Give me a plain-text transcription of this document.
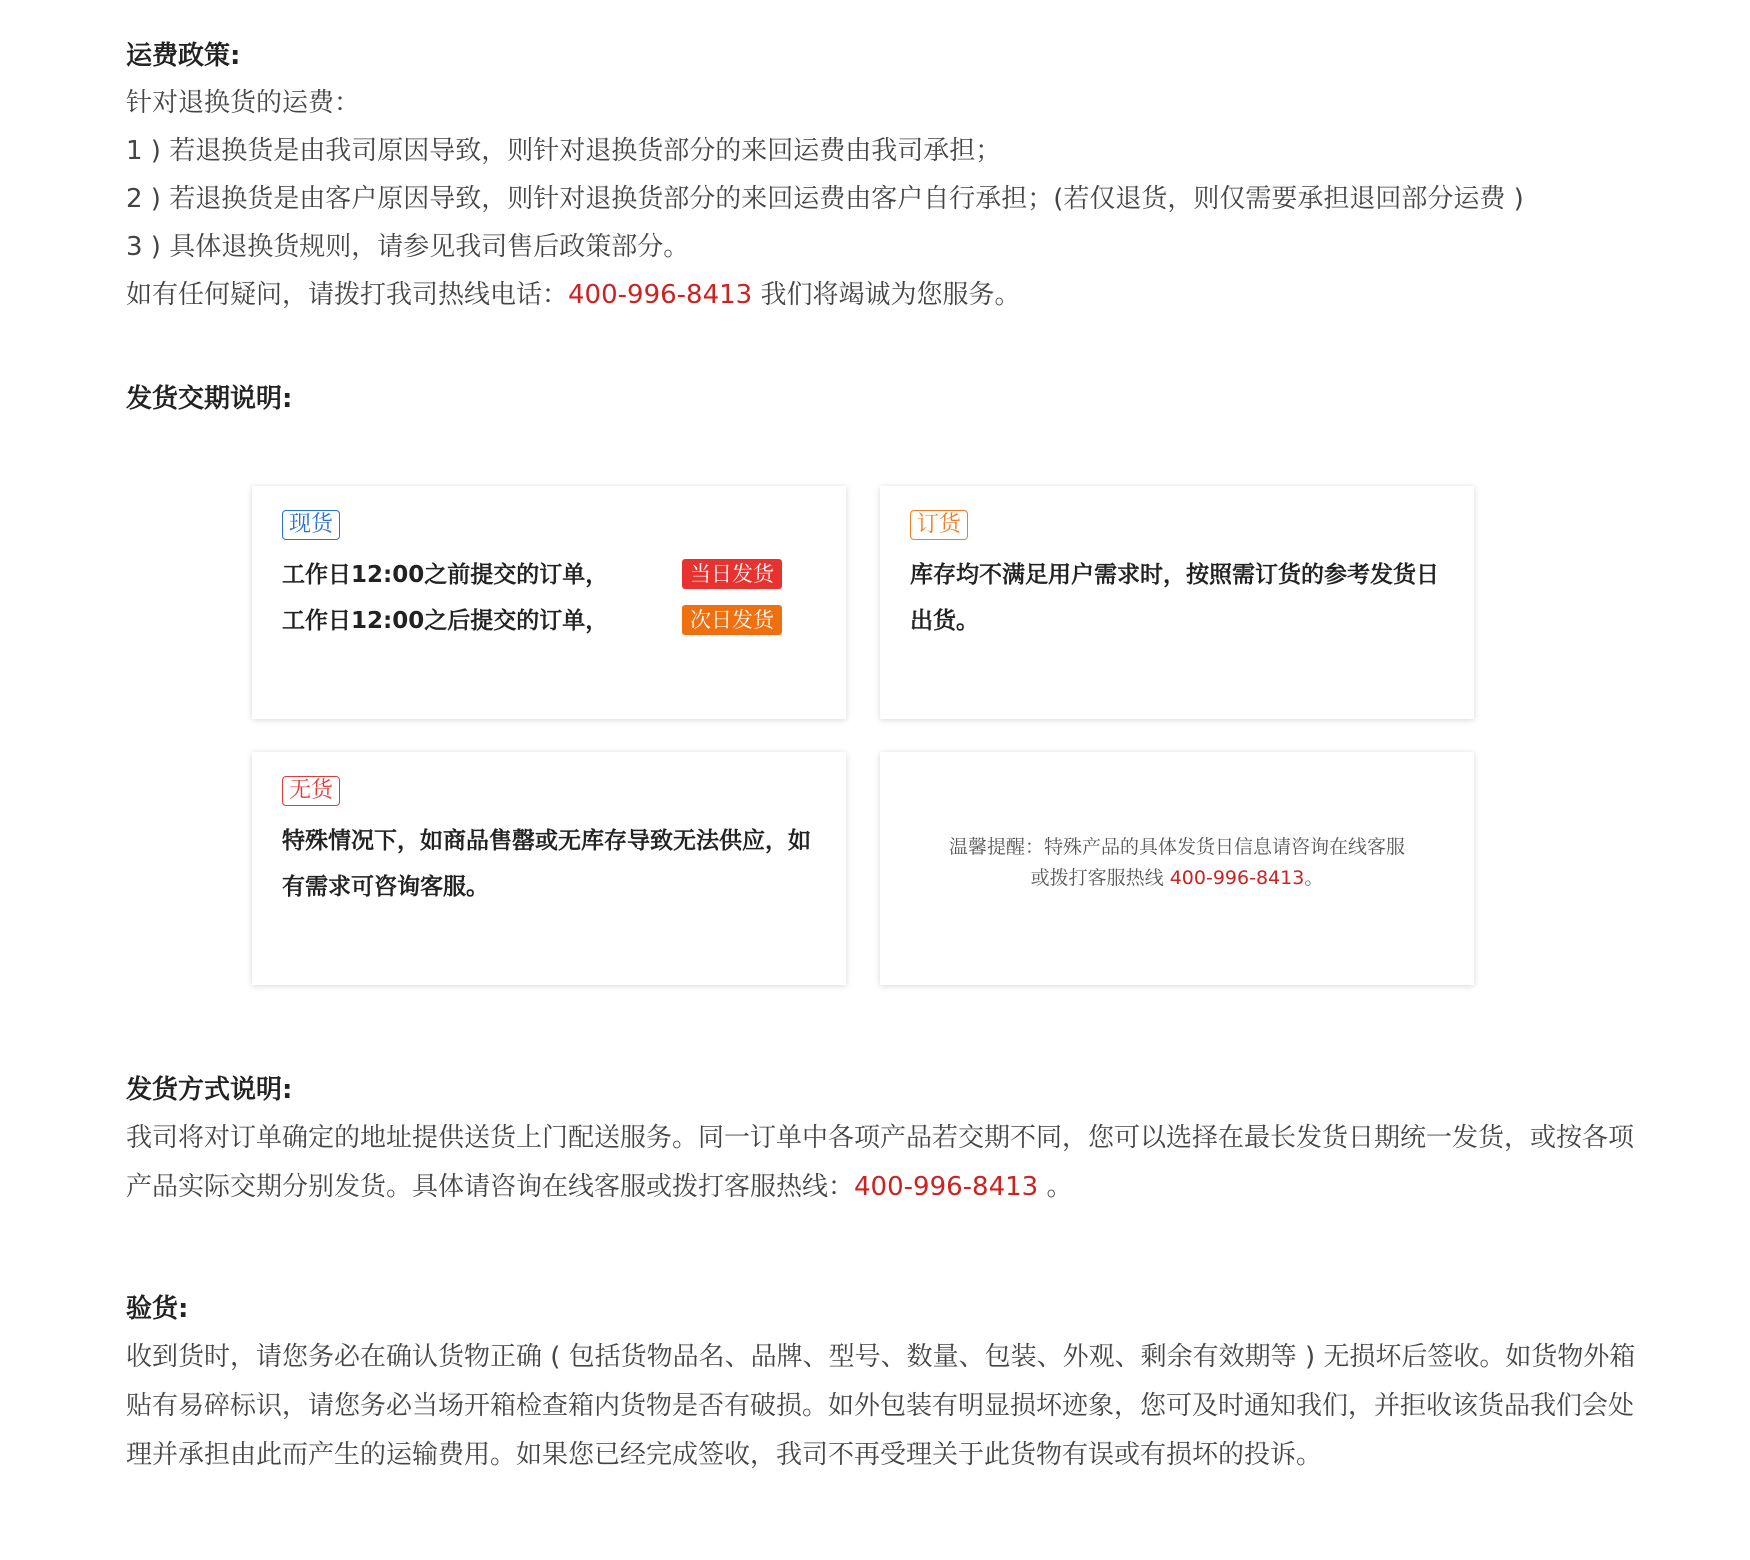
运费政策:

针对退换货的运费：

1 ) 若退换货是由我司原因导致，则针对退换货部分的来回运费由我司承担；

2 ) 若退换货是由客户原因导致，则针对退换货部分的来回运费由客户自行承担；(若仅退货，则仅需要承担退回部分运费 )

3 ) 具体退换货规则，请参见我司售后政策部分。

如有任何疑问，请拨打我司热线电话：400-996-8413 我们将竭诚为您服务。

发货交期说明:

发货方式说明:

我司将对订单确定的地址提供送货上门配送服务。同一订单中各项产品若交期不同，您可以选择在最长发货日期统一发货，或按各项产品实际交期分别发货。具体请咨询在线客服或拨打客服热线：400-996-8413 。

验货:

收到货时，请您务必在确认货物正确 ( 包括货物品名、品牌、型号、数量、包装、外观、剩余有效期等 ) 无损坏后签收。如货物外箱贴有易碎标识，请您务必当场开箱检查箱内货物是否有破损。如外包装有明显损坏迹象，您可及时通知我们，并拒收该货品我们会处理并承担由此而产生的运输费用。如果您已经完成签收，我司不再受理关于此货物有误或有损坏的投诉。

现货
工作日12:00之前提交的订单，	当日发货
工作日12:00之后提交的订单，	次日发货
订货
库存均不满足用户需求时，按照需订货的参考发货日出货。
无货
特殊情况下，如商品售罄或无库存导致无法供应，如有需求可咨询客服。
温馨提醒：特殊产品的具体发货日信息请咨询在线客服
或拨打客服热线 400-996-8413。
